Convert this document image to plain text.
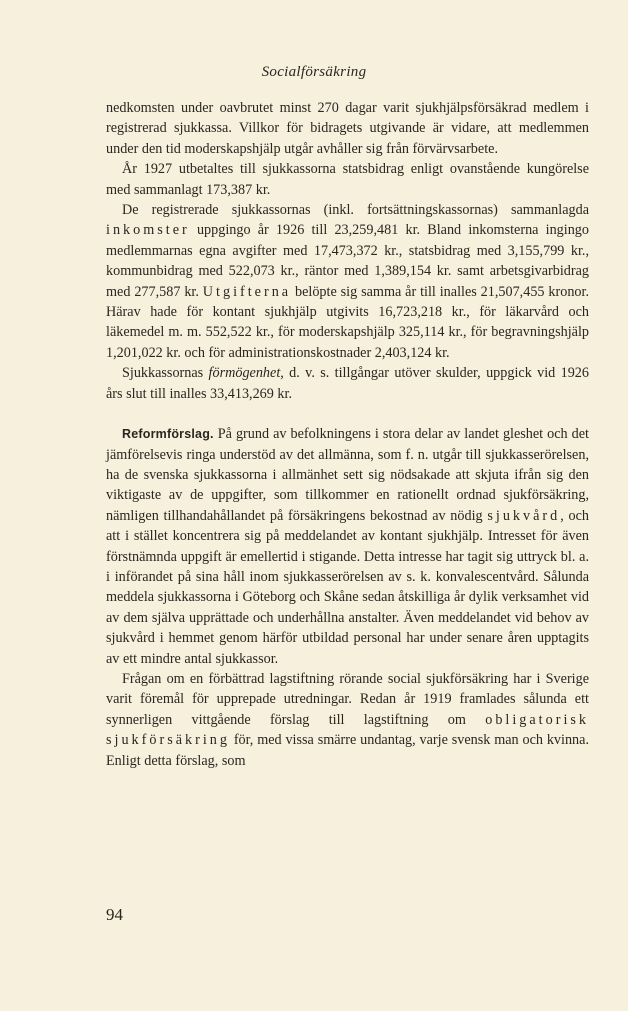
Socialförsäkring

nedkomsten under oavbrutet minst 270 dagar varit sjukhjälpsförsäkrad medlem i registrerad sjukkassa. Villkor för bidragets utgivande är vidare, att medlemmen under den tid moderskapshjälp utgår avhåller sig från förvärvsarbete.

År 1927 utbetaltes till sjukkassorna statsbidrag enligt ovanstående kungörelse med sammanlagt 173,387 kr.

De registrerade sjukkassornas (inkl. fortsättningskassornas) sammanlagda inkomster uppgingo år 1926 till 23,259,481 kr. Bland inkomsterna ingingo medlemmarnas egna avgifter med 17,473,372 kr., statsbidrag med 3,155,799 kr., kommunbidrag med 522,073 kr., räntor med 1,389,154 kr. samt arbetsgivarbidrag med 277,587 kr. Utgifterna belöpte sig samma år till inalles 21,507,455 kronor. Härav hade för kontant sjukhjälp utgivits 16,723,218 kr., för läkarvård och läkemedel m. m. 552,522 kr., för moderskapshjälp 325,114 kr., för begravningshjälp 1,201,022 kr. och för administrationskostnader 2,403,124 kr.

Sjukkassornas förmögenhet, d. v. s. tillgångar utöver skulder, uppgick vid 1926 års slut till inalles 33,413,269 kr.

Reformförslag. På grund av befolkningens i stora delar av landet gleshet och det jämförelsevis ringa understöd av det allmänna, som f. n. utgår till sjukkasserörelsen, ha de svenska sjukkassorna i allmänhet sett sig nödsakade att skjuta ifrån sig den viktigaste av de uppgifter, som tillkommer en rationellt ordnad sjukförsäkring, nämligen tillhandahållandet på försäkringens bekostnad av nödig sjukvård, och att i stället koncentrera sig på meddelandet av kontant sjukhjälp. Intresset för även förstnämnda uppgift är emellertid i stigande. Detta intresse har tagit sig uttryck bl. a. i införandet på sina håll inom sjukkasserörelsen av s. k. konvalescentvård. Sålunda meddela sjukkassorna i Göteborg och Skåne sedan åtskilliga år dylik verksamhet vid av dem själva upprättade och underhållna anstalter. Även meddelandet vid behov av sjukvård i hemmet genom härför utbildad personal har under senare åren upptagits av ett mindre antal sjukkassor.

Frågan om en förbättrad lagstiftning rörande social sjukförsäkring har i Sverige varit föremål för upprepade utredningar. Redan år 1919 framlades sålunda ett synnerligen vittgående förslag till lagstiftning om obligatorisk sjukförsäkring för, med vissa smärre undantag, varje svensk man och kvinna. Enligt detta förslag, som

94
